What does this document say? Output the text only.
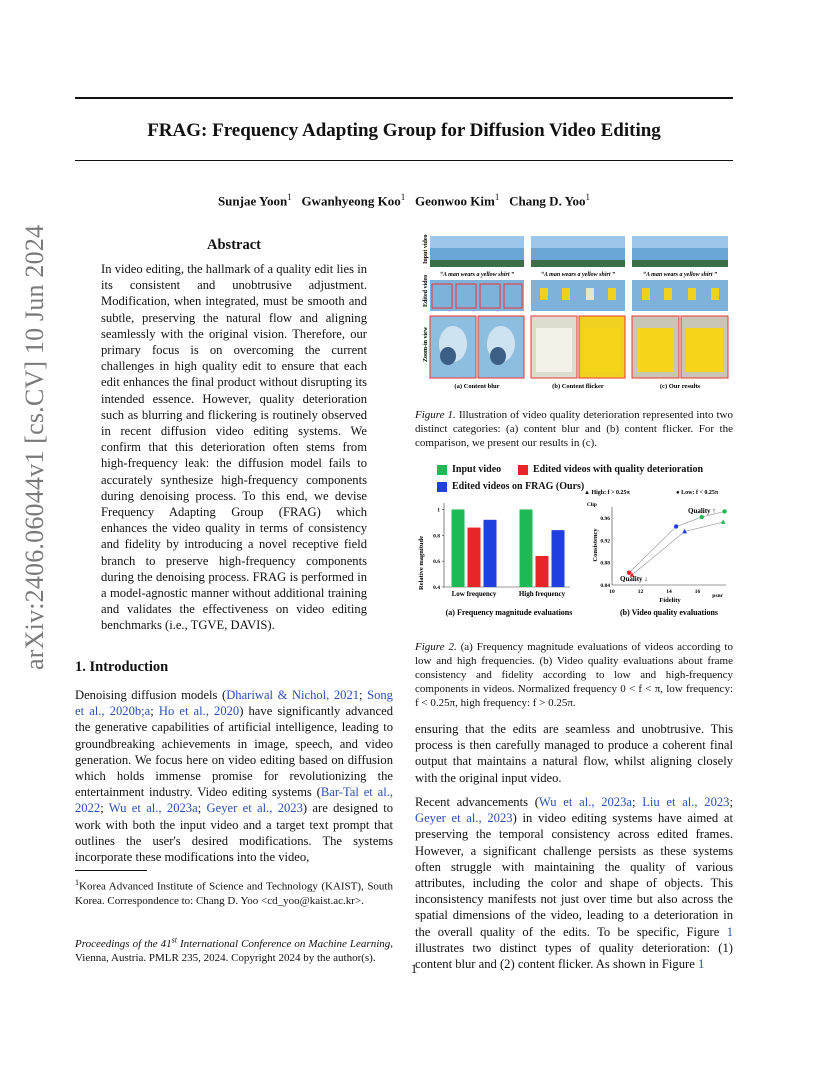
arXiv:2406.06044v1 [cs.CV] 10 Jun 2024
FRAG: Frequency Adapting Group for Diffusion Video Editing
Sunjae Yoon$^1$ Gwanhyeong Koo$^1$ Geonwoo Kim$^1$ Chang D. Yoo$^1$
Abstract
In video editing, the hallmark of a quality edit lies in its consistent and unobtrusive adjustment. Modification, when integrated, must be smooth and subtle, preserving the natural flow and aligning seamlessly with the original vision. Therefore, our primary focus is on overcoming the current challenges in high quality edit to ensure that each edit enhances the final product without disrupting its intended essence. However, quality deterioration such as blurring and flickering is routinely observed in recent diffusion video editing systems. We confirm that this deterioration often stems from high-frequency leak: the diffusion model fails to accurately synthesize high-frequency components during denoising process. To this end, we devise Frequency Adapting Group (FRAG) which enhances the video quality in terms of consistency and fidelity by introducing a novel receptive field branch to preserve high-frequency components during the denoising process. FRAG is performed in a model-agnostic manner without additional training and validates the effectiveness on video editing benchmarks (i.e., TGVE, DAVIS).
1. Introduction
Denoising diffusion models (Dhariwal & Nichol, 2021; Song et al., 2020b;a; Ho et al., 2020) have significantly advanced the generative capabilities of artificial intelligence, leading to groundbreaking achievements in image, speech, and video generation. We focus here on video editing based on diffusion which holds immense promise for revolutionizing the entertainment industry. Video editing systems (Bar-Tal et al., 2022; Wu et al., 2023a; Geyer et al., 2023) are designed to work with both the input video and a target text prompt that outlines the user's desired modifications. The systems incorporate these modifications into the video,
$^1$Korea Advanced Institute of Science and Technology (KAIST), South Korea. Correspondence to: Chang D. Yoo <cd_yoo@kaist.ac.kr>.
Proceedings of the 41st International Conference on Machine Learning, Vienna, Austria. PMLR 235, 2024. Copyright 2024 by the author(s).
1
Input video
Edited video
Zoom-in view
“A man wears a yellow shirt ”
(a) Content blur
“A man wears a yellow shirt ”
(b) Content flicker
“A man wears a yellow shirt ”
(c) Our results
Figure 1. Illustration of video quality deterioration represented into two distinct categories: (a) content blur and (b) content flicker. For the comparison, we present our results in (c).
Input video	Edited videos with quality deterioration
Edited videos on FRAG (Ours)
Relative magnitude 0.4
0.6
0.8
1
Low frequency	High frequency
(a) Frequency magnitude evaluations
▲ High: f > 0.25π	● Low: f < 0.25π
Clip
Consistency
10	12	14	16
0.84
0.88
0.92
0.96
psnr
Fidelity
Quality ↑
Quality ↓
(b) Video quality evaluations
Figure 2. (a) Frequency magnitude evaluations of videos according to low and high frequencies. (b) Video quality evaluations about frame consistency and fidelity according to low and high-frequency components in videos. Normalized frequency 0 < f < π, low frequency: f < 0.25π, high frequency: f > 0.25π.
ensuring that the edits are seamless and unobtrusive. This process is then carefully managed to produce a coherent final output that maintains a natural flow, whilst aligning closely with the original input video.
Recent advancements (Wu et al., 2023a; Liu et al., 2023; Geyer et al., 2023) in video editing systems have aimed at preserving the temporal consistency across edited frames. However, a significant challenge persists as these systems often struggle with maintaining the quality of various attributes, including the color and shape of objects. This inconsistency manifests not just over time but also across the spatial dimensions of the video, leading to a deterioration in the overall quality of the edits. To be specific, Figure 1 illustrates two distinct types of quality deterioration: (1) content blur and (2) content flicker. As shown in Figure 1
